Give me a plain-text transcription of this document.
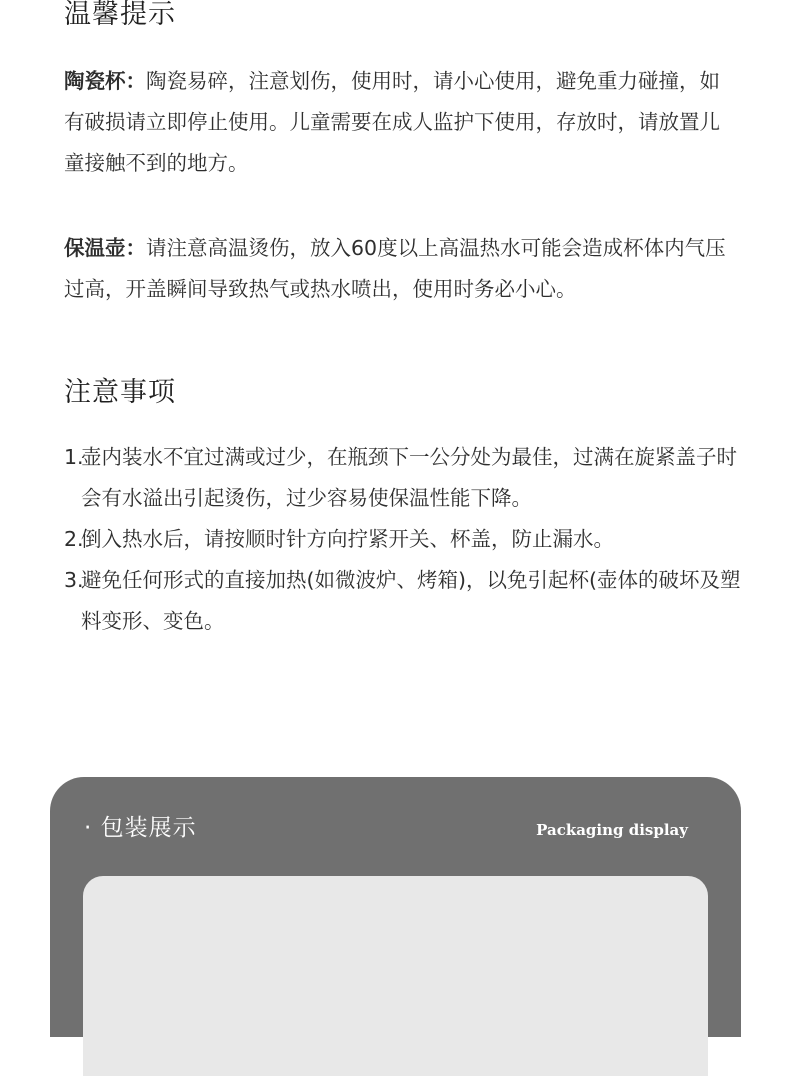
温馨提示

陶瓷杯：陶瓷易碎，注意划伤，使用时，请小心使用，避免重力碰撞，如有破损请立即停止使用。儿童需要在成人监护下使用，存放时，请放置儿童接触不到的地方。

保温壶：请注意高温烫伤，放入60度以上高温热水可能会造成杯体内气压过高，开盖瞬间导致热气或热水喷出，使用时务必小心。

注意事项
1.
壶内装水不宜过满或过少，在瓶颈下一公分处为最佳，过满在旋紧盖子时会有水溢出引起烫伤，过少容易使保温性能下降。
2.
倒入热水后，请按顺时针方向拧紧开关、杯盖，防止漏水。
3.
避免任何形式的直接加热(如微波炉、烤箱)，以免引起杯(壶体的破坏及塑料变形、变色。
· 包装展示	Packaging display
